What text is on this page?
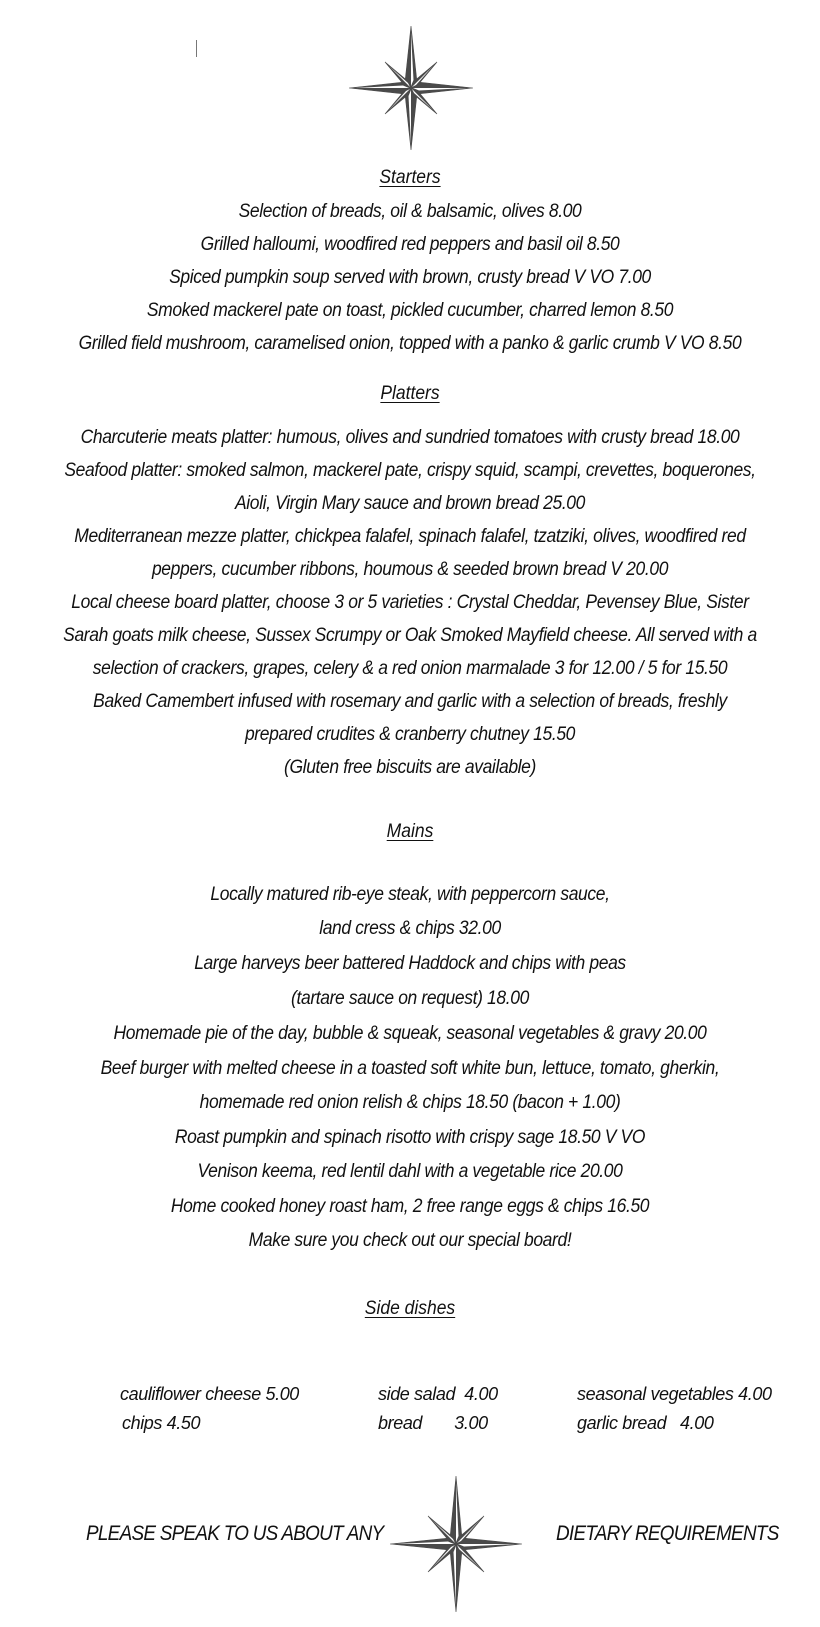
Starters
Selection of breads, oil & balsamic, olives 8.00
Grilled halloumi, woodfired red peppers and basil oil 8.50
Spiced pumpkin soup served with brown, crusty bread V VO 7.00
Smoked mackerel pate on toast, pickled cucumber, charred lemon 8.50
Grilled field mushroom, caramelised onion, topped with a panko & garlic crumb V VO 8.50
Platters
Charcuterie meats platter: humous, olives and sundried tomatoes with crusty bread 18.00
Seafood platter: smoked salmon, mackerel pate, crispy squid, scampi, crevettes, boquerones,
Aioli, Virgin Mary sauce and brown bread 25.00
Mediterranean mezze platter, chickpea falafel, spinach falafel, tzatziki, olives, woodfired red
peppers, cucumber ribbons, houmous & seeded brown bread V 20.00
Local cheese board platter, choose 3 or 5 varieties : Crystal Cheddar, Pevensey Blue, Sister
Sarah goats milk cheese, Sussex Scrumpy or Oak Smoked Mayfield cheese. All served with a
selection of crackers, grapes, celery & a red onion marmalade 3 for 12.00 / 5 for 15.50
Baked Camembert infused with rosemary and garlic with a selection of breads, freshly
prepared crudites & cranberry chutney 15.50
(Gluten free biscuits are available)
Mains
Locally matured rib-eye steak, with peppercorn sauce,
land cress & chips 32.00
Large harveys beer battered Haddock and chips with peas
(tartare sauce on request) 18.00
Homemade pie of the day, bubble & squeak, seasonal vegetables & gravy 20.00
Beef burger with melted cheese in a toasted soft white bun, lettuce, tomato, gherkin,
homemade red onion relish & chips 18.50 (bacon + 1.00)
Roast pumpkin and spinach risotto with crispy sage 18.50 V VO
Venison keema, red lentil dahl with a vegetable rice 20.00
Home cooked honey roast ham, 2 free range eggs & chips 16.50
Make sure you check out our special board!
Side dishes
cauliflower cheese 5.00	side salad  4.00	seasonal vegetables 4.00
chips 4.50	bread       3.00	garlic bread   4.00
PLEASE SPEAK TO US ABOUT ANY	DIETARY REQUIREMENTS
